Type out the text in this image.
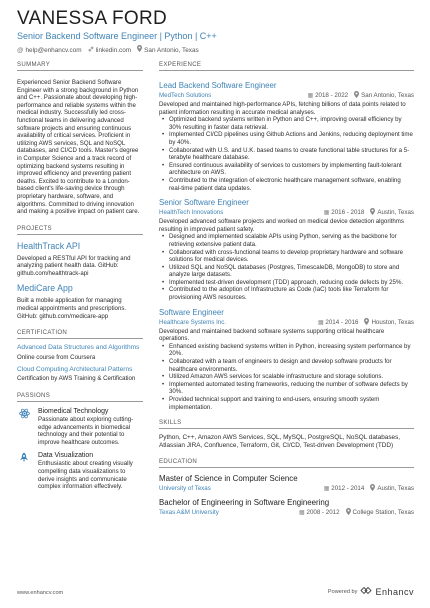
VANESSA FORD
Senior Backend Software Engineer | Python | C++
@ help@enhancv.com linkedin.com San Antonio, Texas
SUMMARY
Experienced Senior Backend Software Engineer with a strong background in Python and C++. Passionate about developing high-performance and reliable systems within the medical industry. Successfully led cross-functional teams in delivering advanced software projects and ensuring continuous availability of critical services. Proficient in utilizing AWS services, SQL and NoSQL databases, and CI/CD tools. Master's degree in Computer Science and a track record of optimizing backend systems resulting in improved efficiency and preventing patient deaths. Excited to contribute to a London-based client's life-saving device through proprietary hardware, software, and algorithms. Committed to driving innovation and making a positive impact on patient care.
PROJECTS
HealthTrack API
Developed a RESTful API for tracking and analyzing patient health data. GitHub: github.com/healthtrack-api
MediCare App
Built a mobile application for managing medical appointments and prescriptions. GitHub: github.com/medicare-app
CERTIFICATION
Advanced Data Structures and Algorithms
Online course from Coursera
Cloud Computing Architectural Patterns
Certification by AWS Training & Certification
PASSIONS
Biomedical Technology
Passionate about exploring cutting-edge advancements in biomedical technology and their potential to improve healthcare outcomes.
Data Visualization
Enthusiastic about creating visually compelling data visualizations to derive insights and communicate complex information effectively.
EXPERIENCE
Lead Backend Software Engineer
MedTech Solutions	▦ 2018 - 2022 San Antonio, Texas
Developed and maintained high-performance APIs, fetching billions of data points related to patient information resulting in accurate medical analyses.
• Optimized backend systems written in Python and C++, improving overall efficiency by 30% resulting in faster data retrieval.
• Implemented CI/CD pipelines using Github Actions and Jenkins, reducing deployment time by 40%.
• Collaborated with U.S. and U.K. based teams to create functional table structures for a 5-terabyte healthcare database.
• Ensured continuous availability of services to customers by implementing fault-tolerant architecture on AWS.
• Contributed to the integration of electronic healthcare management software, enabling real-time patient data updates.
Senior Software Engineer
HealthTech Innovations	▦ 2016 - 2018 Austin, Texas
Developed advanced software projects and worked on medical device detection algorithms resulting in improved patient safety.
• Designed and implemented scalable APIs using Python, serving as the backbone for retrieving extensive patient data.
• Collaborated with cross-functional teams to develop proprietary hardware and software solutions for medical devices.
• Utilized SQL and NoSQL databases (Postgres, TimescaleDB, MongoDB) to store and analyze large datasets.
• Implemented test-driven development (TDD) approach, reducing code defects by 25%.
• Contributed to the adoption of Infrastructure as Code (IaC) tools like Terraform for provisioning AWS resources.
Software Engineer
Healthcare Systems Inc.	▦ 2014 - 2016 Houston, Texas
Developed and maintained backend software systems supporting critical healthcare operations.
• Enhanced existing backend systems written in Python, increasing system performance by 20%.
• Collaborated with a team of engineers to design and develop software products for healthcare environments.
• Utilized Amazon AWS services for scalable infrastructure and storage solutions.
• Implemented automated testing frameworks, reducing the number of software defects by 30%.
• Provided technical support and training to end-users, ensuring smooth system implementation.
SKILLS
Python, C++, Amazon AWS Services, SQL, MySQL, PostgreSQL, NoSQL databases, Atlassian JIRA, Confluence, Terraform, Git, CI/CD, Test-driven Development (TDD)
EDUCATION
Master of Science in Computer Science
University of Texas	▦ 2012 - 2014 Austin, Texas
Bachelor of Engineering in Software Engineering
Texas A&M University	▦ 2008 - 2012 College Station, Texas
www.enhancv.com	Powered by Enhancv
